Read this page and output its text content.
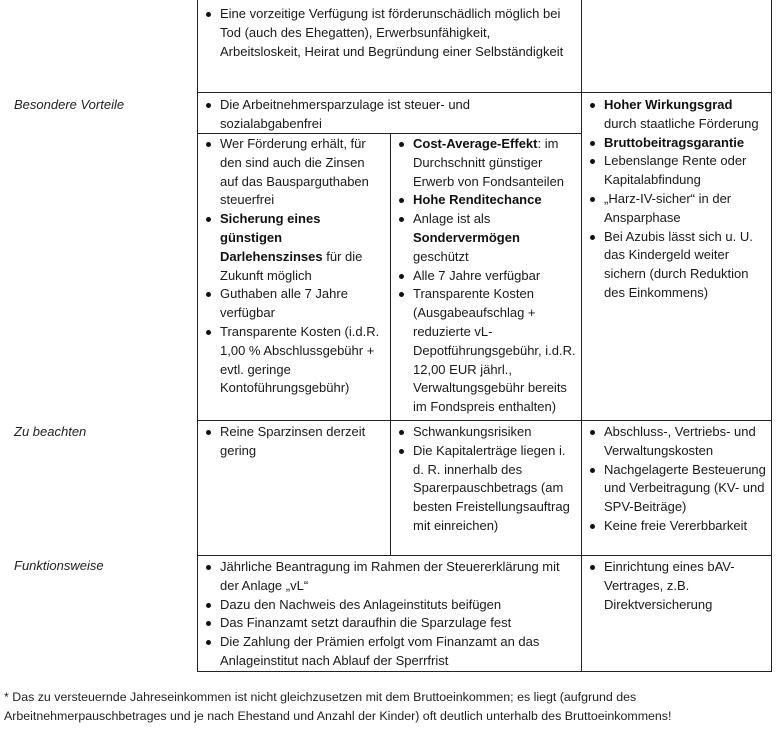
Besondere Vorteile
Zu beachten
Funktionsweise
Eine vorzeitige Verfügung ist förderunschädlich möglich bei Tod (auch des Ehegatten), Erwerbsunfähigkeit, Arbeitsloskeit, Heirat und Begründung einer Selbständigkeit
Die Arbeitnehmersparzulage ist steuer- und sozialabgabenfrei
Wer Förderung erhält, für den sind auch die Zinsen auf das Bausparguthaben steuerfrei
Sicherung eines günstigen Darlehenszinses für die Zukunft möglich
Guthaben alle 7 Jahre verfügbar
Transparente Kosten (i.d.R. 1,00 % Abschlussgebühr + evtl. geringe Kontoführungsgebühr)
Cost-Average-Effekt: im Durchschnitt günstiger Erwerb von Fondsanteilen
Hohe Renditechance
Anlage ist als Sondervermögen geschützt
Alle 7 Jahre verfügbar
Transparente Kosten (Ausgabeaufschlag + reduzierte vL-Depotführungsgebühr, i.d.R. 12,00 EUR jährl., Verwaltungsgebühr bereits im Fondspreis enthalten)
Hoher Wirkungsgrad durch staatliche Förderung
Bruttobeitragsgarantie
Lebenslange Rente oder Kapitalabfindung
„Harz-IV-sicher“ in der Ansparphase
Bei Azubis lässt sich u. U. das Kindergeld weiter sichern (durch Reduktion des Einkommens)
Reine Sparzinsen derzeit gering
Schwankungsrisiken
Die Kapitalerträge liegen i. d. R. innerhalb des Sparerpauschbetrags (am besten Freistellungsauftrag mit einreichen)
Abschluss-, Vertriebs- und Verwaltungskosten
Nachgelagerte Besteuerung und Verbeitragung (KV- und SPV-Beiträge)
Keine freie Vererbbarkeit
Jährliche Beantragung im Rahmen der Steuererklärung mit der Anlage „vL“
Dazu den Nachweis des Anlageinstituts beifügen
Das Finanzamt setzt daraufhin die Sparzulage fest
Die Zahlung der Prämien erfolgt vom Finanzamt an das Anlageinstitut nach Ablauf der Sperrfrist
Einrichtung eines bAV-Vertrages, z.B. Direktversicherung
* Das zu versteuernde Jahreseinkommen ist nicht gleichzusetzen mit dem Bruttoeinkommen; es liegt (aufgrund des Arbeitnehmerpauschbetrages und je nach Ehestand und Anzahl der Kinder) oft deutlich unterhalb des Bruttoeinkommens!
